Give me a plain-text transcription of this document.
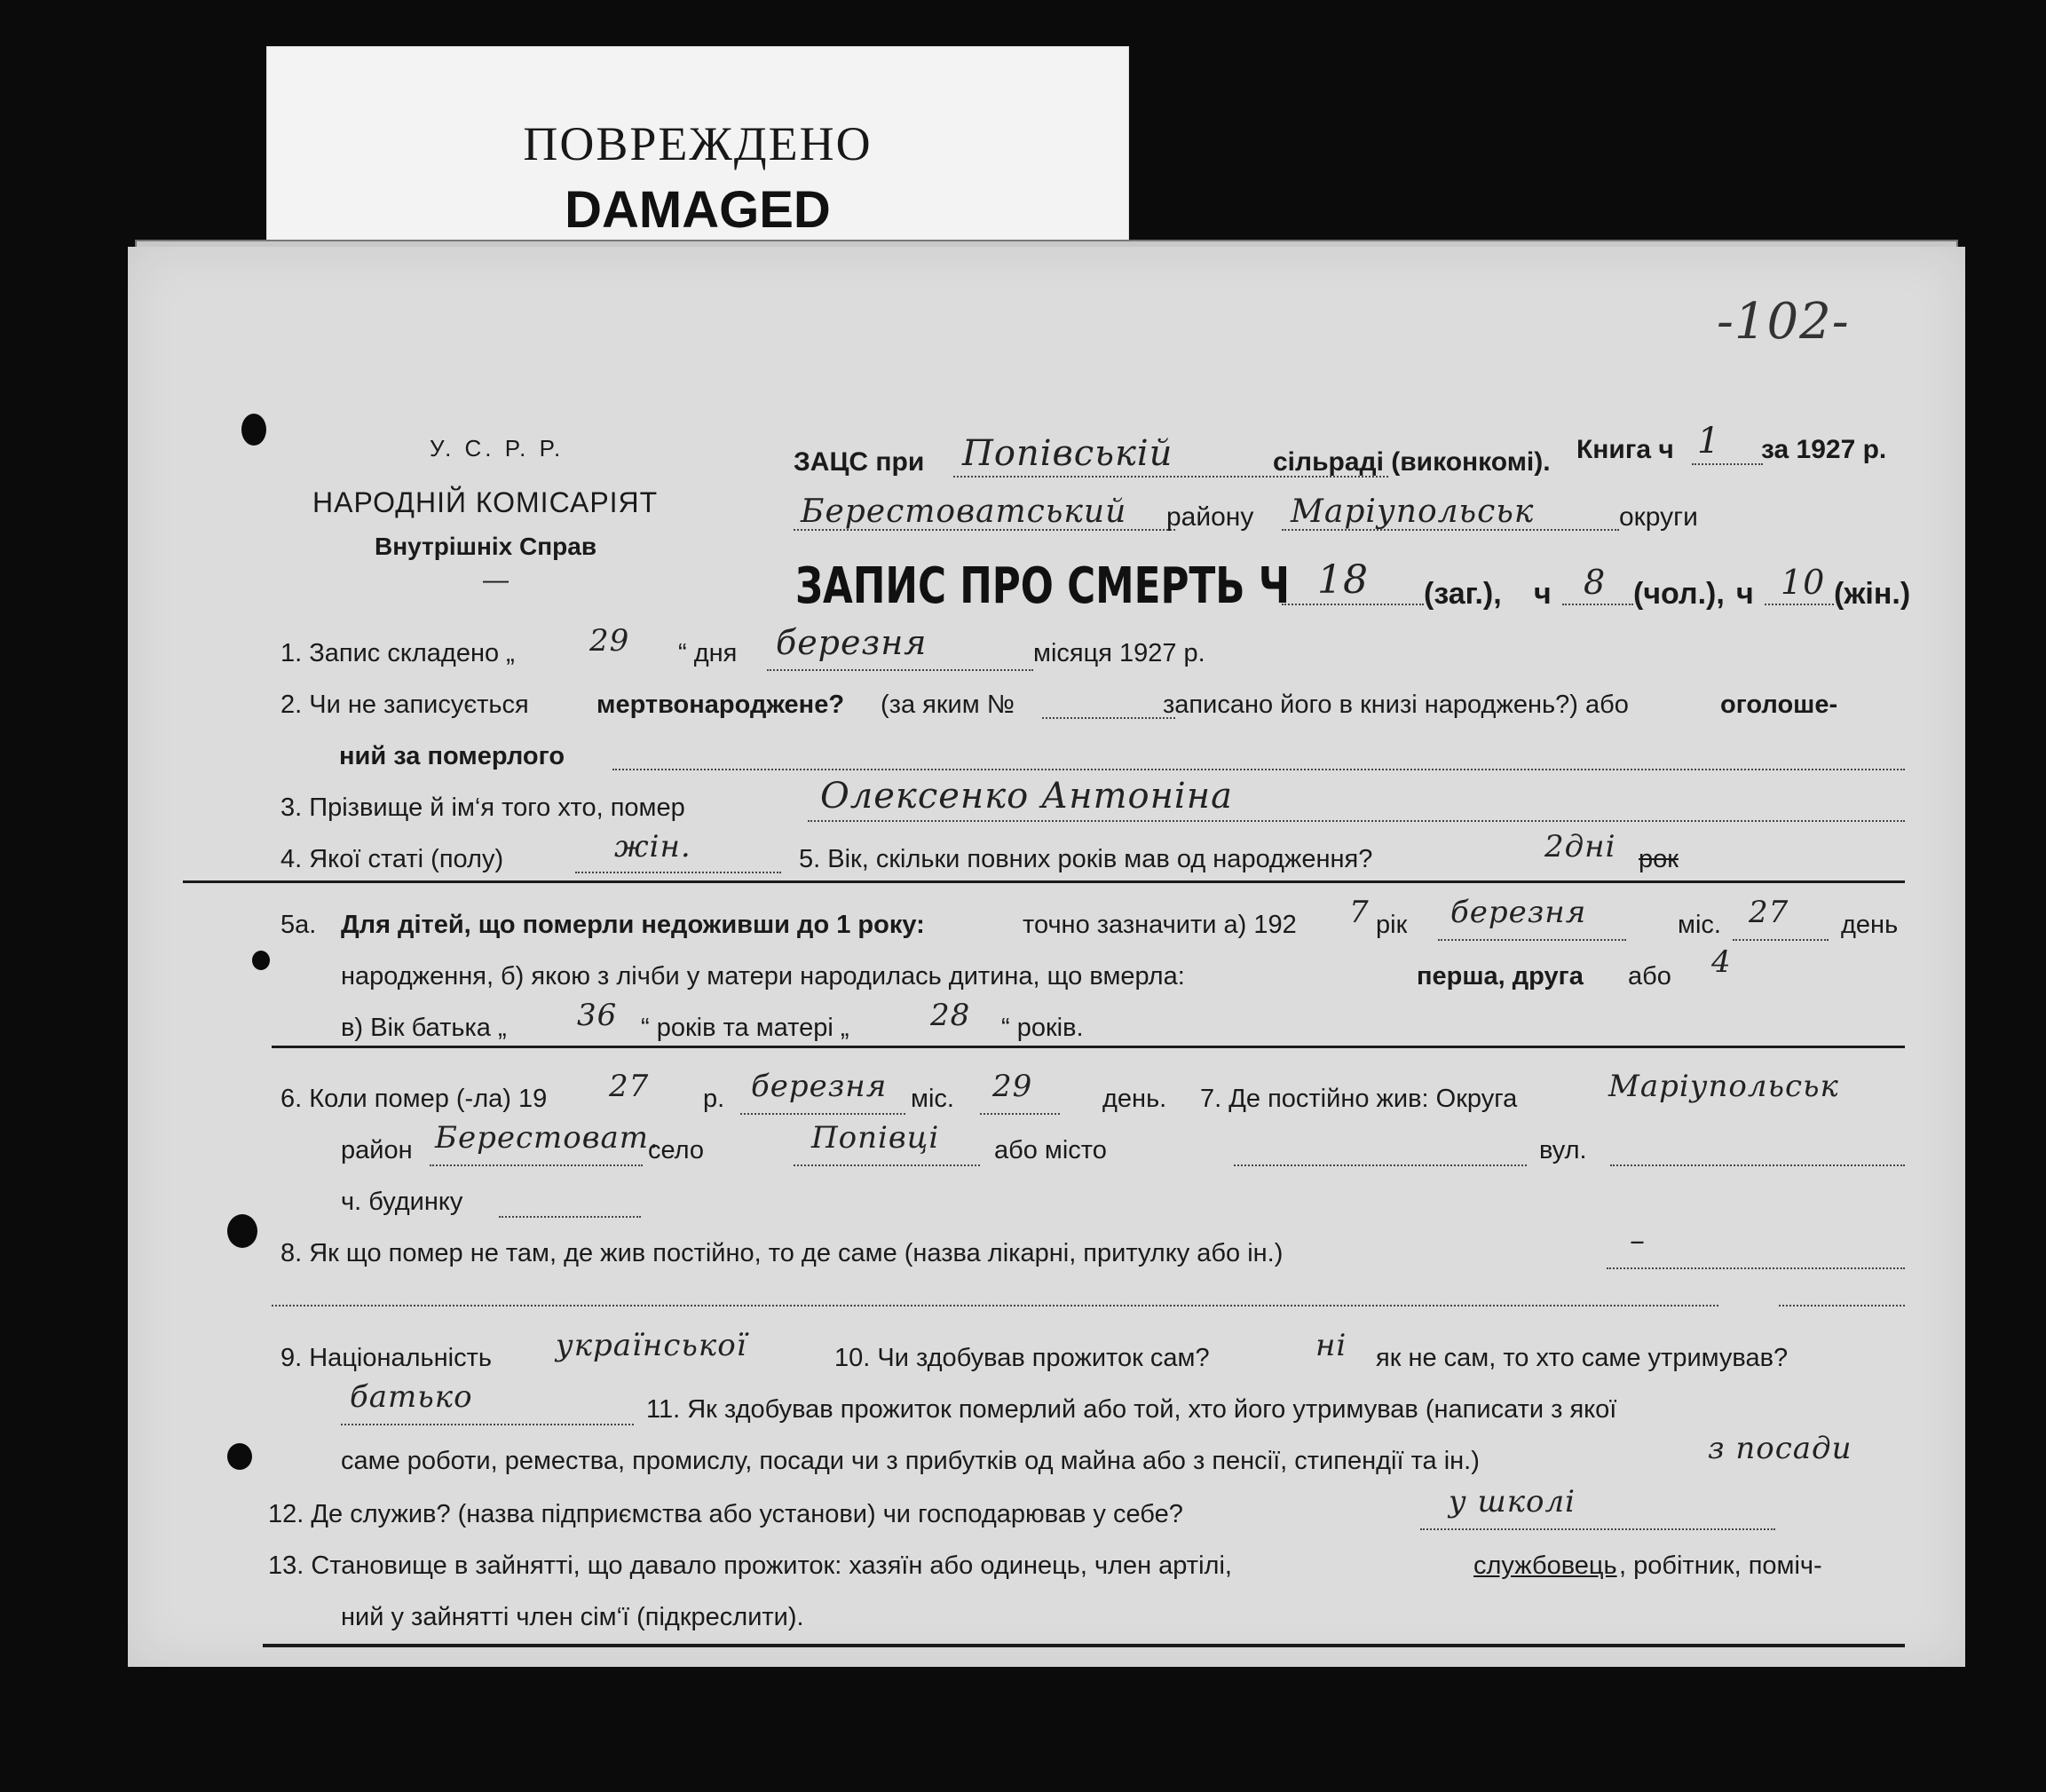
ПОВРЕЖДЕНО
DAMAGED
-102-
У. С. Р. Р.
НАРОДНІЙ КОМІСАРІЯТ
Внутрішніх Справ
—
ЗАЦС при Попівській	сільраді (виконкомі). Книга ч 1 за 1927 р.
Берестоватський району Маріупольськ	округи
ЗАПИС ПРО СМЕРТЬ Ч 18 (заг.), ч 8 (чол.), ч 10 (жін.)
1. Запис складено „ 29 “ дня березня	місяця 1927 р.
2. Чи не записується	мертвонароджене? (за яким №	записано його в книзі народжень?) або	оголоше-
ний за померлого
3. Прізвище й ім‘я того хто, помер	Олексенко Антоніна
4. Якої статі (полу)	жін.	5. Вік, скільки повних років мав од народження?	2дні рок
5а. Для дітей, що померли недоживши до 1 року:	точно зазначити а) 192 7 рік березня	міс. 27 день
народження, б) якою з лічби у матери народилась дитина, що вмерла:	перша, друга або 4
в) Вік батька „ 36 “ років та матері „	28 “ років.
6. Коли помер (-ла) 19 27 р. березня міс. 29	день. 7. Де постійно жив: Округа	Маріупольськ
район Берестоват.
село	Попівці або місто	вул.
ч. будинку
8. Як що помер не там, де жив постійно, то де саме (назва лікарні, притулку або ін.)	–
9. Національність української	10. Чи здобував прожиток сам?	ні як не сам, то хто саме утримував?
батько	11. Як здобував прожиток померлий або той, хто його утримував (написати з якої
саме роботи, ремества, промислу, посади чи з прибутків од майна або з пенсії, стипендії та ін.)	з посади
12. Де служив? (назва підприємства або установи) чи господарював у себе?	у школі
13. Становище в зайнятті, що давало прожиток: хазяїн або одинець, член артілі,	службовець , робітник, поміч-
ний у зайнятті член сім‘ї (підкреслити).
